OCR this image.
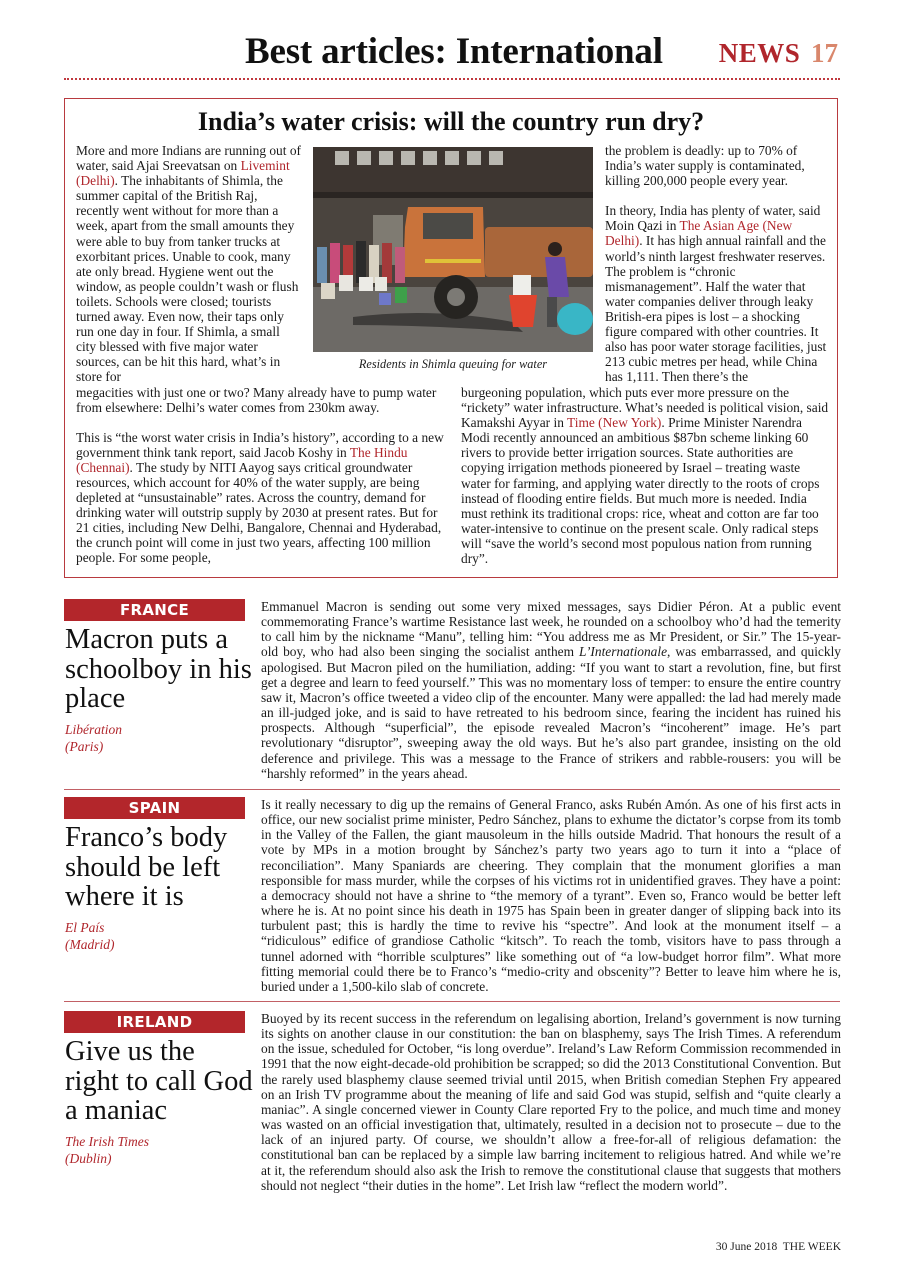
Best articles: International NEWS 17
India’s water crisis: will the country run dry?

More and more Indians are running out of water, said Ajai Sreevatsan on Livemint (Delhi). The inhabitants of Shimla, the summer capital of the British Raj, recently went without for more than a week, apart from the small amounts they were able to buy from tanker trucks at exorbitant prices. Unable to cook, many ate only bread. Hygiene went out the window, as people couldn’t wash or flush toilets. Schools were closed; tourists turned away. Even now, their taps only run one day in four. If Shimla, a small city blessed with five major water sources, can be hit this hard, what’s in store for

megacities with just one or two? Many already have to pump water from elsewhere: Delhi’s water comes from 230km away.

This is “the worst water crisis in India’s history”, according to a new government think tank report, said Jacob Koshy in The Hindu (Chennai). The study by NITI Aayog says critical groundwater resources, which account for 40% of the water supply, are being depleted at “unsustainable” rates. Across the country, demand for drinking water will outstrip supply by 2030 at present rates. But for 21 cities, including New Delhi, Bangalore, Chennai and Hyderabad, the crunch point will come in just two years, affecting 100 million people. For some people,

Residents in Shimla queuing for water

the problem is deadly: up to 70% of India’s water supply is contaminated, killing 200,000 people every year.

In theory, India has plenty of water, said Moin Qazi in The Asian Age (New Delhi). It has high annual rainfall and the world’s ninth largest freshwater reserves. The problem is “chronic mismanagement”. Half the water that water companies deliver through leaky British-era pipes is lost – a shocking figure compared with other countries. It also has poor water storage facilities, just 213 cubic metres per head, while China has 1,111. Then there’s the

burgeoning population, which puts ever more pressure on the “rickety” water infrastructure. What’s needed is political vision, said Kamakshi Ayyar in Time (New York). Prime Minister Narendra Modi recently announced an ambitious $87bn scheme linking 60 rivers to provide better irrigation sources. State authorities are copying irrigation methods pioneered by Israel – treating waste water for farming, and applying water directly to the roots of crops instead of flooding entire fields. But much more is needed. India must rethink its traditional crops: rice, wheat and cotton are far too water-intensive to continue on the present scale. Only radical steps will “save the world’s second most populous nation from running dry”.

FRANCE
Macron puts a schoolboy in his place
Libération
(Paris)
Emmanuel Macron is sending out some very mixed messages, says Didier Péron. At a public event commemorating France’s wartime Resistance last week, he rounded on a schoolboy who’d had the temerity to call him by the nickname “Manu”, telling him: “You address me as Mr President, or Sir.” The 15-year-old boy, who had also been singing the socialist anthem L’Internationale, was embarrassed, and quickly apologised. But Macron piled on the humiliation, adding: “If you want to start a revolution, fine, but first get a degree and learn to feed yourself.” This was no momentary loss of temper: to ensure the entire country saw it, Macron’s office tweeted a video clip of the encounter. Many were appalled: the lad had merely made an ill-judged joke, and is said to have retreated to his bedroom since, fearing the incident has ruined his prospects. Although “superficial”, the episode revealed Macron’s “incoherent” image. He’s part revolutionary “disruptor”, sweeping away the old ways. But he’s also part grandee, insisting on the old deference and privilege. This was a message to the France of strikers and rabble-rousers: you will be “harshly reformed” in the years ahead.
SPAIN
Franco’s body should be left where it is
El País
(Madrid)
Is it really necessary to dig up the remains of General Franco, asks Rubén Amón. As one of his first acts in office, our new socialist prime minister, Pedro Sánchez, plans to exhume the dictator’s corpse from its tomb in the Valley of the Fallen, the giant mausoleum in the hills outside Madrid. That honours the result of a vote by MPs in a motion brought by Sánchez’s party two years ago to turn it into a “place of reconciliation”. Many Spaniards are cheering. They complain that the monument glorifies a man responsible for mass murder, while the corpses of his victims rot in unidentified graves. They have a point: a democracy should not have a shrine to “the memory of a tyrant”. Even so, Franco would be better left where he is. At no point since his death in 1975 has Spain been in greater danger of slipping back into its turbulent past; this is hardly the time to revive his “spectre”. And look at the monument itself – a “ridiculous” edifice of grandiose Catholic “kitsch”. To reach the tomb, visitors have to pass through a tunnel adorned with “horrible sculptures” like something out of “a low-budget horror film”. What more fitting memorial could there be to Franco’s “medio-crity and obscenity”? Better to leave him where he is, buried under a 1,500-kilo slab of concrete.
IRELAND
Give us the right to call God a maniac
The Irish Times
(Dublin)
Buoyed by its recent success in the referendum on legalising abortion, Ireland’s government is now turning its sights on another clause in our constitution: the ban on blasphemy, says The Irish Times. A referendum on the issue, scheduled for October, “is long overdue”. Ireland’s Law Reform Commission recommended in 1991 that the now eight-decade-old prohibition be scrapped; so did the 2013 Constitutional Convention. But the rarely used blasphemy clause seemed trivial until 2015, when British comedian Stephen Fry appeared on an Irish TV programme about the meaning of life and said God was stupid, selfish and “quite clearly a maniac”. A single concerned viewer in County Clare reported Fry to the police, and much time and money was wasted on an official investigation that, ultimately, resulted in a decision not to prosecute – due to the lack of an injured party. Of course, we shouldn’t allow a free-for-all of religious defamation: the constitutional ban can be replaced by a simple law barring incitement to religious hatred. And while we’re at it, the referendum should also ask the Irish to remove the constitutional clause that suggests that mothers should not neglect “their duties in the home”. Let Irish law “reflect the modern world”.
30 June 2018 THE WEEK
